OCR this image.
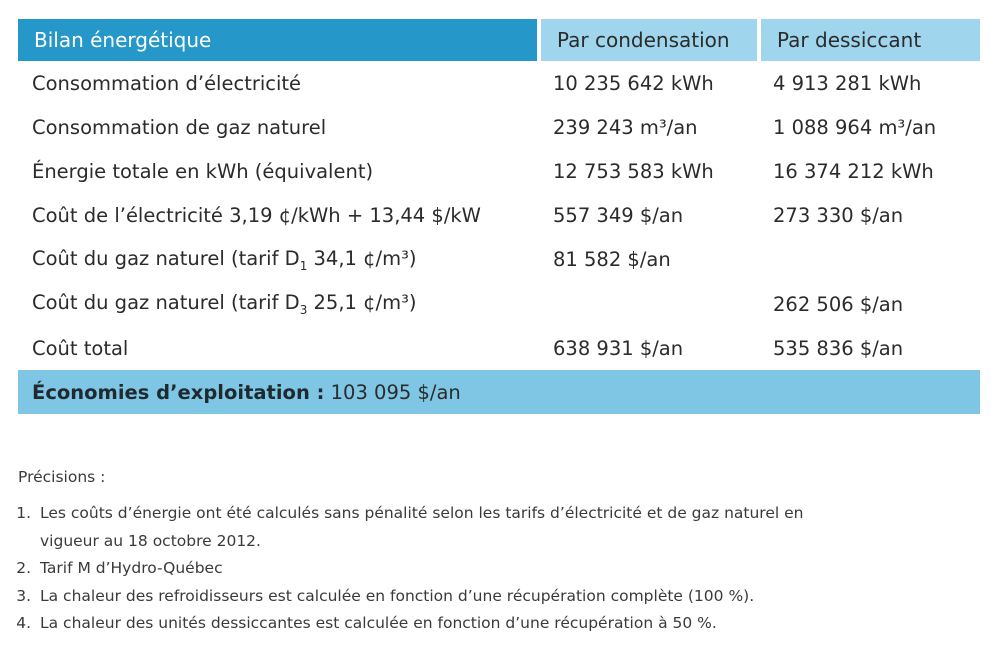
Bilan énergétique	Par condensation	Par dessiccant
Consommation d’électricité	10 235 642 kWh	4 913 281 kWh
Consommation de gaz naturel	239 243 m³/an	1 088 964 m³/an
Énergie totale en kWh (équivalent)	12 753 583 kWh	16 374 212 kWh
Coût de l’électricité 3,19 ¢/kWh + 13,44 $/kW	557 349 $/an	273 330 $/an
Coût du gaz naturel (tarif $D_1$ 34,1 ¢/m³)	81 582 $/an	
Coût du gaz naturel (tarif $D_3$ 25,1 ¢/m³)		262 506 $/an
Coût total	638 931 $/an	535 836 $/an
Économies d’exploitation : 103 095 $/an		

Précisions :

1. Les coûts d’énergie ont été calculés sans pénalité selon les tarifs d’électricité et de gaz naturel en vigueur au 18 octobre 2012.
2. Tarif M d’Hydro-Québec
3. La chaleur des refroidisseurs est calculée en fonction d’une récupération complète (100 %).
4. La chaleur des unités dessiccantes est calculée en fonction d’une récupération à 50 %.
